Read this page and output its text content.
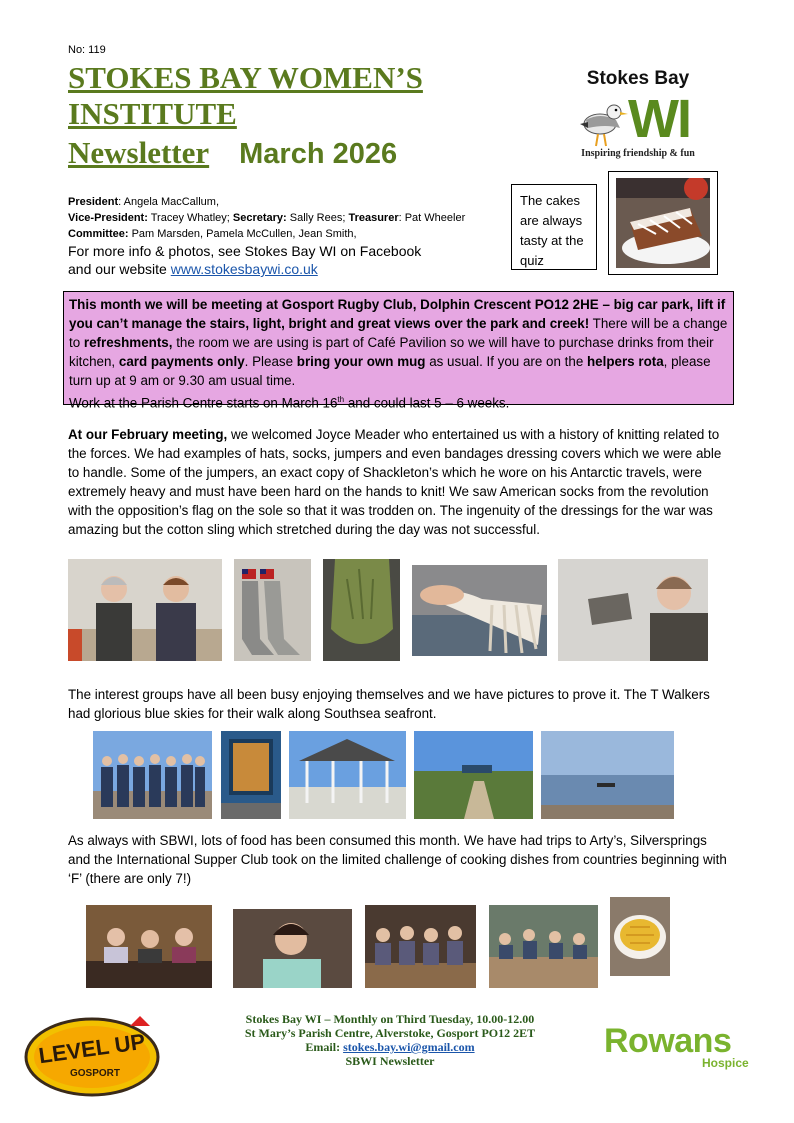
No: 119
STOKES BAY WOMEN’S
INSTITUTE
Newsletter March 2026
Stokes Bay
WI
Inspiring friendship & fun
President: Angela MacCallum,
Vice-President: Tracey Whatley; Secretary: Sally Rees; Treasurer: Pat Wheeler
Committee: Pam Marsden, Pamela McCullen, Jean Smith,
For more info & photos, see Stokes Bay WI on Facebook
and our website www.stokesbaywi.co.uk
The cakes are always tasty at the quiz
This month we will be meeting at Gosport Rugby Club, Dolphin Crescent PO12 2HE – big car park, lift if you can’t manage the stairs, light, bright and great views over the park and creek! There will be a change to refreshments, the room we are using is part of Café Pavilion so we will have to purchase drinks from their kitchen, card payments only. Please bring your own mug as usual. If you are on the helpers rota, please turn up at 9 am or 9.30 am usual time.
Work at the Parish Centre starts on March 16th and could last 5 – 6 weeks.
At our February meeting, we welcomed Joyce Meader who entertained us with a history of knitting related to the forces. We had examples of hats, socks, jumpers and even bandages dressing covers which we were able to handle. Some of the jumpers, an exact copy of Shackleton’s which he wore on his Antarctic travels, were extremely heavy and must have been hard on the hands to knit! We saw American socks from the revolution with the opposition’s flag on the sole so that it was trodden on. The ingenuity of the dressings for the war was amazing but the cotton sling which stretched during the day was not successful.
The interest groups have all been busy enjoying themselves and we have pictures to prove it. The T Walkers had glorious blue skies for their walk along Southsea seafront.
As always with SBWI, lots of food has been consumed this month. We have had trips to Arty’s, Silversprings and the International Supper Club took on the limited challenge of cooking dishes from countries beginning with ‘F’ (there are only 7!)
Stokes Bay WI – Monthly on Third Tuesday, 10.00-12.00
St Mary’s Parish Centre, Alverstoke, Gosport PO12 2ET
Email: stokes.bay.wi@gmail.com
SBWI Newsletter
LEVEL UP
GOSPORT
Rowans
Hospice
